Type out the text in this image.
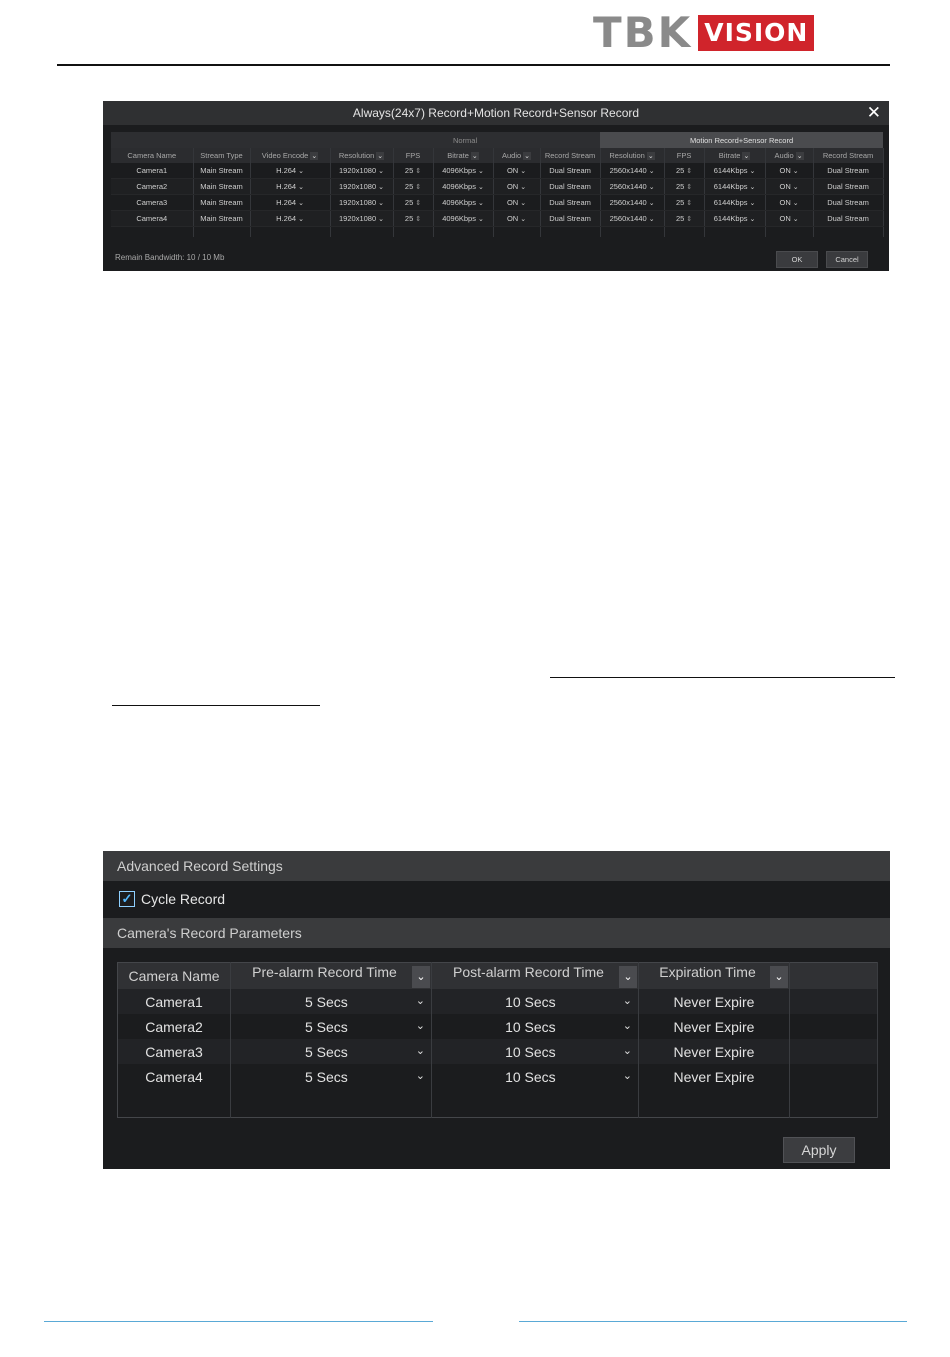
TBK VISION
Always(24x7) Record+Motion Record+Sensor Record	✕
			Normal					Motion Record+Sensor Record				
Camera Name	Stream Type	Video Encode ⌄	Resolution ⌄	FPS	Bitrate ⌄	Audio ⌄	Record Stream	Resolution ⌄	FPS	Bitrate ⌄	Audio ⌄	Record Stream
Camera1	Main Stream	H.264 ⌄	1920x1080 ⌄	25 ⇕	4096Kbps ⌄	ON ⌄	Dual Stream	2560x1440 ⌄	25 ⇕	6144Kbps ⌄	ON ⌄	Dual Stream
Camera2	Main Stream	H.264 ⌄	1920x1080 ⌄	25 ⇕	4096Kbps ⌄	ON ⌄	Dual Stream	2560x1440 ⌄	25 ⇕	6144Kbps ⌄	ON ⌄	Dual Stream
Camera3	Main Stream	H.264 ⌄	1920x1080 ⌄	25 ⇕	4096Kbps ⌄	ON ⌄	Dual Stream	2560x1440 ⌄	25 ⇕	6144Kbps ⌄	ON ⌄	Dual Stream
Camera4	Main Stream	H.264 ⌄	1920x1080 ⌄	25 ⇕	4096Kbps ⌄	ON ⌄	Dual Stream	2560x1440 ⌄	25 ⇕	6144Kbps ⌄	ON ⌄	Dual Stream

Remain Bandwidth: 10 / 10 Mb	OK	Cancel
Advanced Record Settings
✓ Cycle Record
Camera's Record Parameters
Camera Name	Pre-alarm Record Time ⌄	Post-alarm Record Time ⌄	Expiration Time ⌄	

Camera1	5 Secs ⌄	10 Secs ⌄	Never Expire	
Camera2	5 Secs ⌄	10 Secs ⌄	Never Expire	
Camera3	5 Secs ⌄	10 Secs ⌄	Never Expire	
Camera4	5 Secs ⌄	10 Secs ⌄	Never Expire	

Apply
